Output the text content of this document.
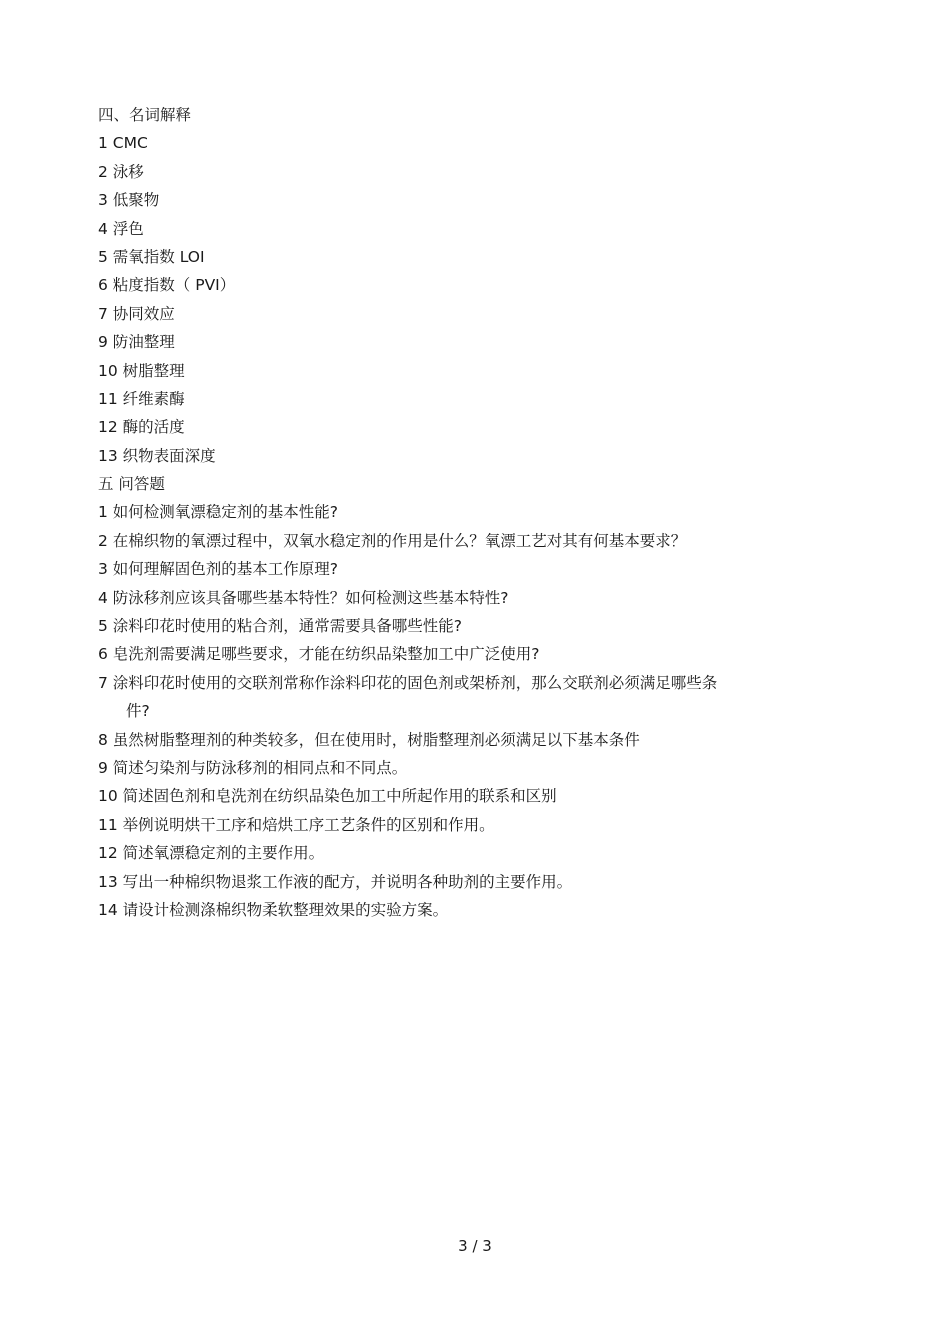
四、名词解释
1 CMC
2 泳移
3 低聚物
4 浮色
5 需氧指数 LOI
6 粘度指数（ PVI）
7 协同效应
9 防油整理
10 树脂整理
11 纤维素酶
12 酶的活度
13 织物表面深度
五 问答题
1 如何检测氧漂稳定剂的基本性能?
2 在棉织物的氧漂过程中，双氧水稳定剂的作用是什么？氧漂工艺对其有何基本要求？
3 如何理解固色剂的基本工作原理?
4 防泳移剂应该具备哪些基本特性？如何检测这些基本特性?
5 涂料印花时使用的粘合剂，通常需要具备哪些性能?
6 皂洗剂需要满足哪些要求，才能在纺织品染整加工中广泛使用?
7 涂料印花时使用的交联剂常称作涂料印花的固色剂或架桥剂，那么交联剂必须满足哪些条
件?
8 虽然树脂整理剂的种类较多，但在使用时，树脂整理剂必须满足以下基本条件
9 简述匀染剂与防泳移剂的相同点和不同点。
10 简述固色剂和皂洗剂在纺织品染色加工中所起作用的联系和区别
11 举例说明烘干工序和焙烘工序工艺条件的区别和作用。
12 简述氧漂稳定剂的主要作用。
13 写出一种棉织物退浆工作液的配方，并说明各种助剂的主要作用。
14 请设计检测涤棉织物柔软整理效果的实验方案。
3 / 3
